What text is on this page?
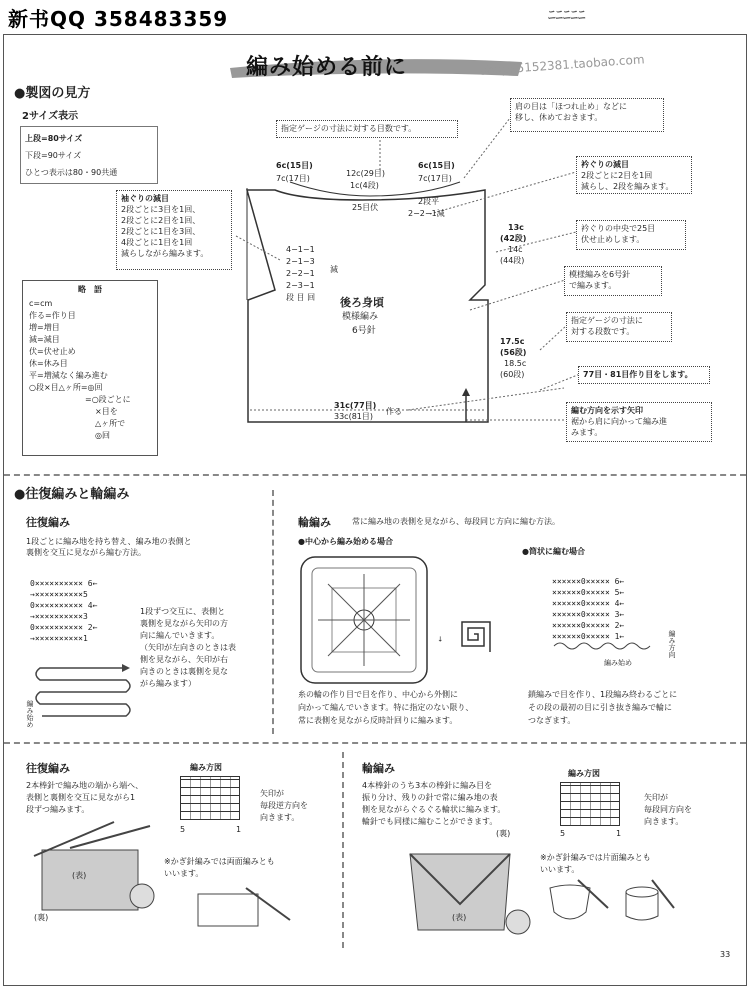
新书QQ 358483359	ﾆﾆﾆﾆﾆ
編み始める前に	shop35152381.taobao.com
●製図の見方
2サイズ表示
上段=80サイズ
下段=90サイズ
ひとつ表示は80・90共通
袖ぐりの減目
2段ごとに3目を1回、
2段ごとに2目を1回、
2段ごとに1目を3回、
4段ごとに1目を1回
減らしながら編みます。
略　語
c=cm
作る=作り目
増=増目
減=減目
伏=伏せ止め
休=休み目
平=増減なく編み進む
○段×目△ヶ所=◎回
=○段ごとに
×目を
△ヶ所で
◎回
指定ゲージの寸法に対する目数です。
肩の目は「ほつれ止め」などに
移し、休めておきます。
衿ぐりの減目
2段ごとに2目を1回
減らし、2段を編みます。
衿ぐりの中央で25目
伏せ止めします。
模様編みを6号針
で編みます。
指定ゲージの寸法に
対する段数です。
77目・81目作り目をします。
編む方向を示す矢印
裾から肩に向かって編み進
みます。
6c(15目)
7c(17目)
12c(29目)
1c(4段)
6c(15目)
7c(17目)
25目伏
2段平
2−2−1減
4−1−1
2−1−3
2−2−1
2−3−1
段 目 回
減
後ろ身頃
模様編み
6号針
13c
(42段)
14c
(44段)
17.5c
(56段)
18.5c
(60段)
31c(77目)
33c(81目)
作る
●往復編みと輪編み
往復編み
1段ごとに編み地を持ち替え、編み地の表側と
裏側を交互に見ながら編む方法。
0×××××××××× 6←
→××××××××××5
0×××××××××× 4←
→××××××××××3
0×××××××××× 2←
→××××××××××1
1段ずつ交互に、表側と
裏側を見ながら矢印の方
向に編んでいきます。
（矢印が左向きのときは表
側を見ながら、矢印が右
向きのときは裏側を見な
がら編みます）
編み始め
輪編み	常に編み地の表側を見ながら、毎段同じ方向に編む方法。
●中心から編み始める場合
●筒状に編む場合
→
××××××0××××× 6←
××××××0××××× 5←
××××××0××××× 4←
××××××0××××× 3←
××××××0××××× 2←
××××××0××××× 1←	編み方向
編み始め
糸の輪の作り目で目を作り、中心から外側に
向かって編んでいきます。特に指定のない限り、
常に表側を見ながら反時計回りに編みます。
鎖編みで目を作り、1段編み終わるごとに
その段の最初の目に引き抜き編みで輪に
つなぎます。
往復編み
2本棒針で編み地の端から端へ、
表側と裏側を交互に見ながら1
段ずつ編みます。
編み方図
5	1
矢印が
毎段逆方向を
向きます。
(表)
(裏)
※かぎ針編みでは両面編みとも
いいます。
輪編み
4本棒針のうち3本の棒針に編み目を
振り分け、残りの針で常に編み地の表
側を見ながらぐるぐる輪状に編みます。
輪針でも同様に編むことができます。
編み方図
5	1
矢印が
毎段同方向を
向きます。
(裏)
(表)
※かぎ針編みでは片面編みとも
いいます。
33
